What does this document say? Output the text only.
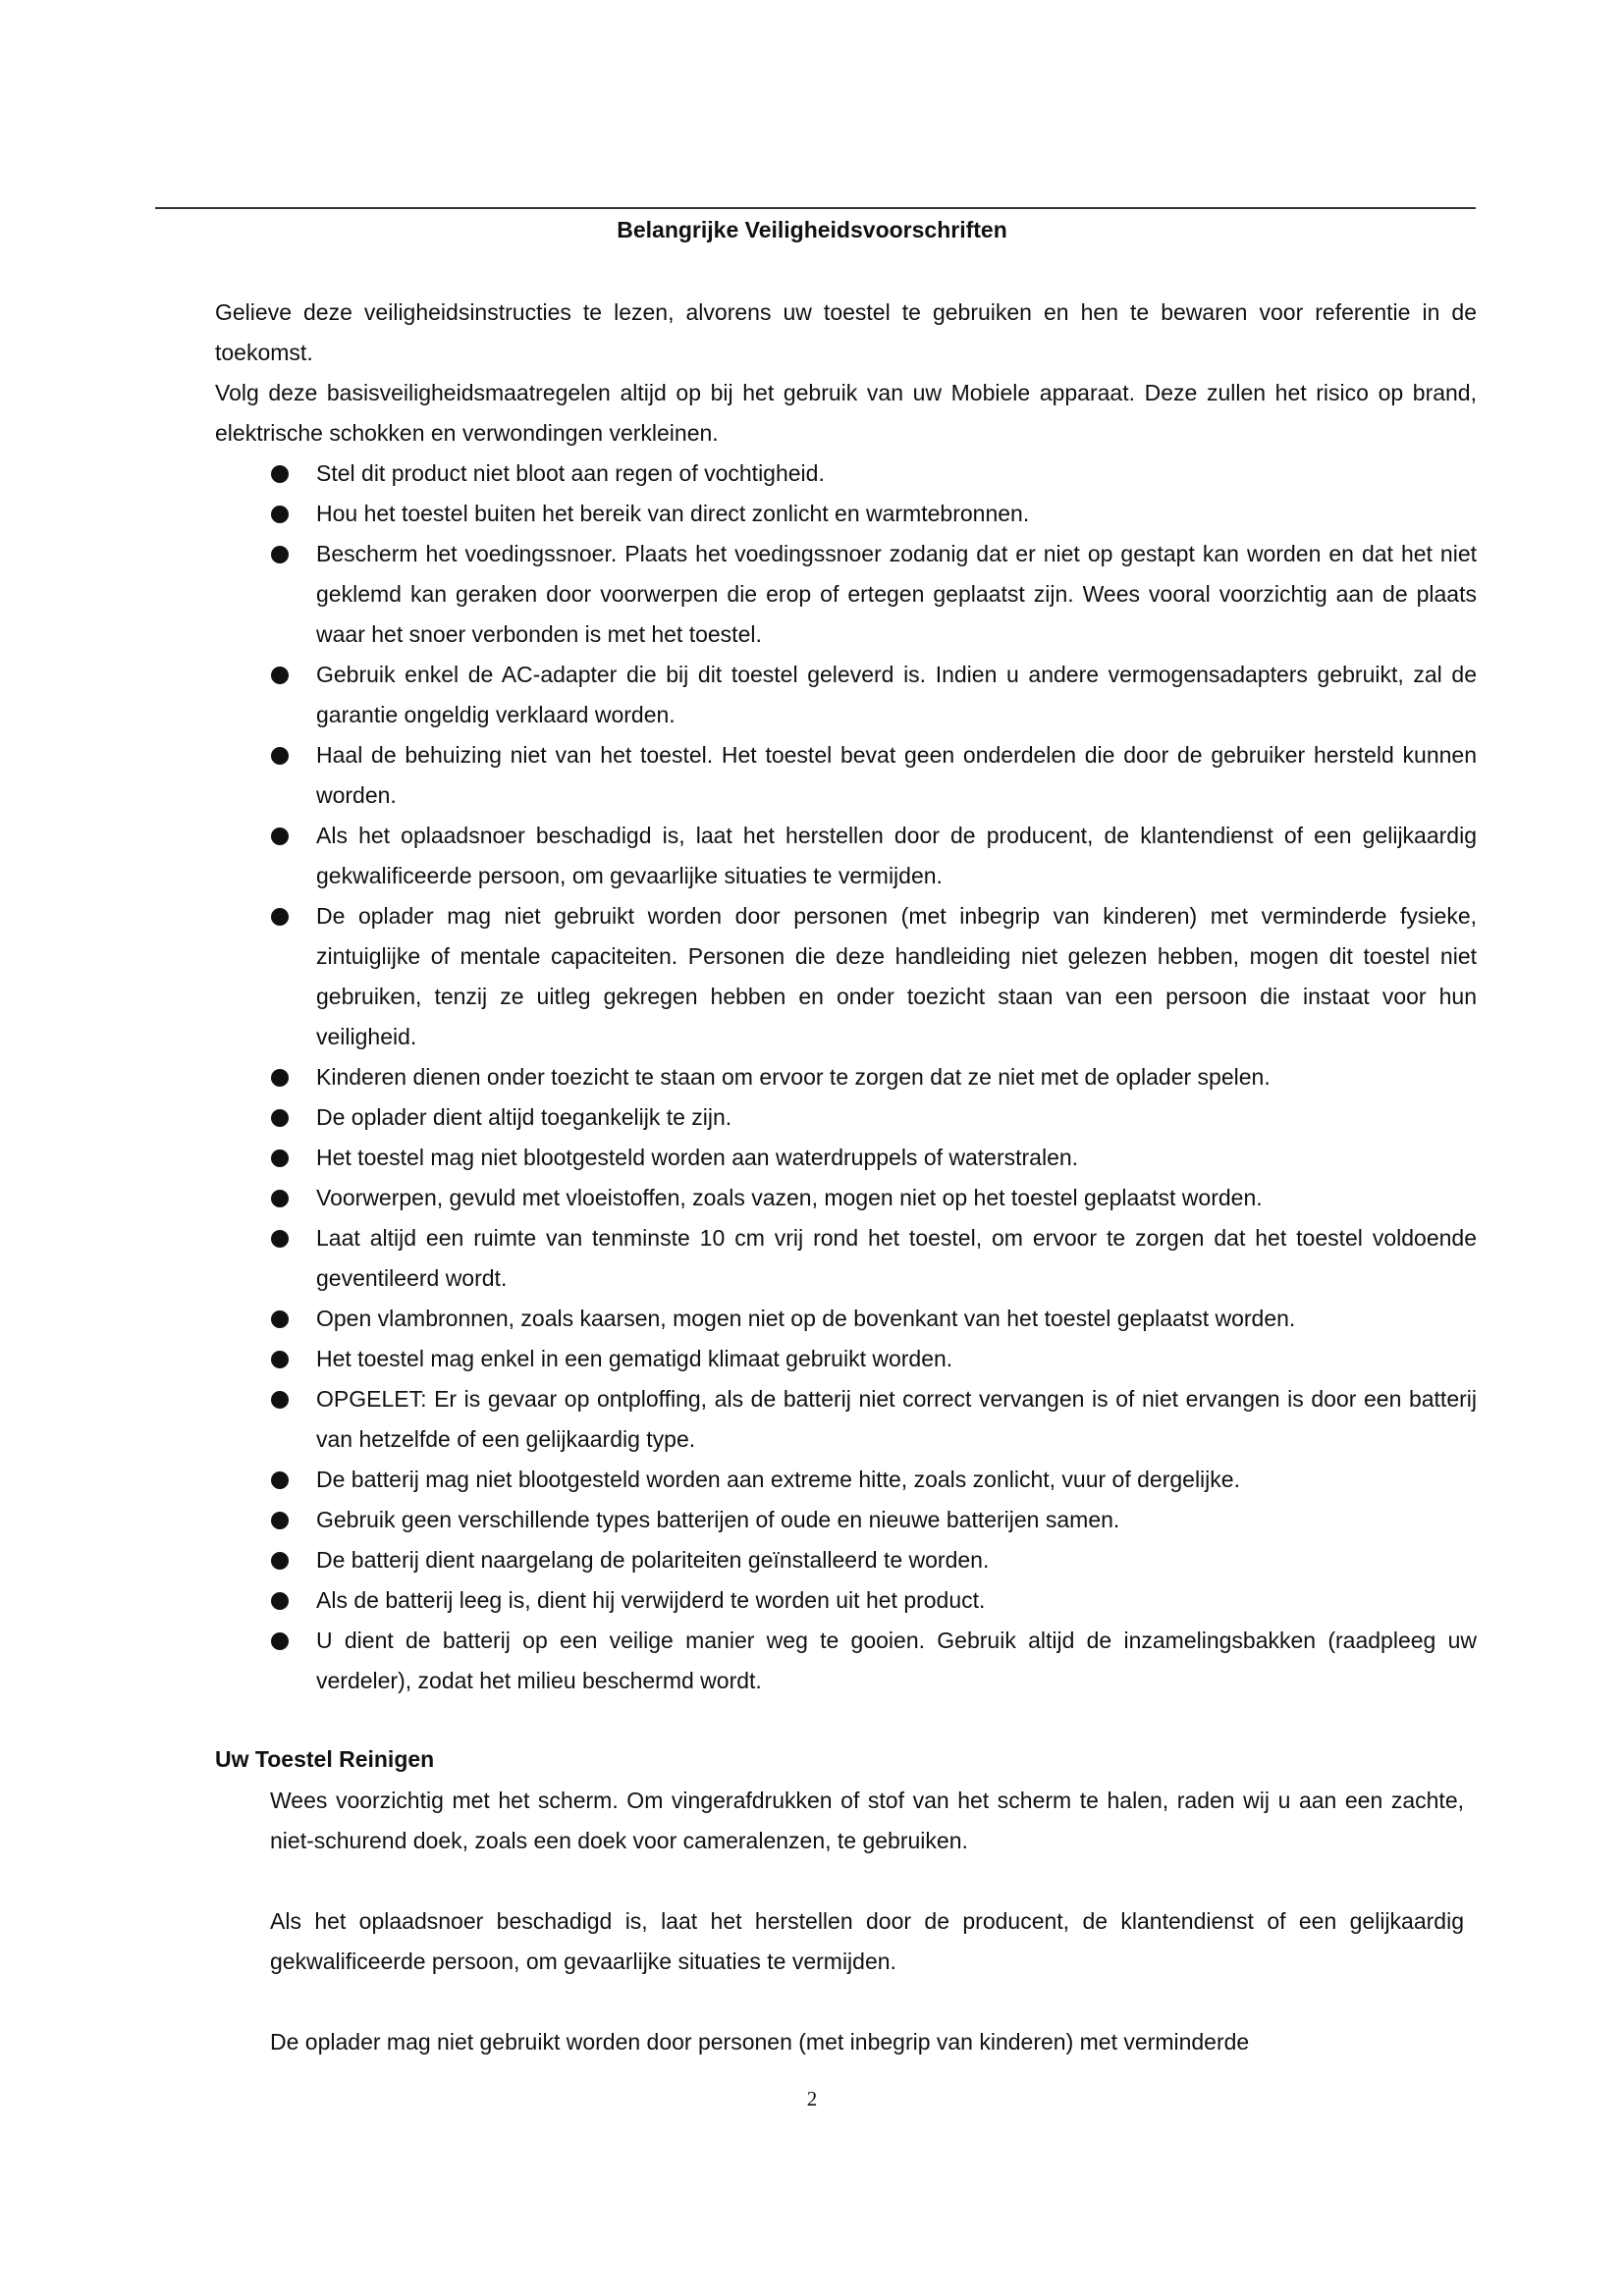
Belangrijke Veiligheidsvoorschriften

Gelieve deze veiligheidsinstructies te lezen, alvorens uw toestel te gebruiken en hen te bewaren voor referentie in de toekomst.

Volg deze basisveiligheidsmaatregelen altijd op bij het gebruik van uw Mobiele apparaat. Deze zullen het risico op brand, elektrische schokken en verwondingen verkleinen.

Stel dit product niet bloot aan regen of vochtigheid.
Hou het toestel buiten het bereik van direct zonlicht en warmtebronnen.
Bescherm het voedingssnoer. Plaats het voedingssnoer zodanig dat er niet op gestapt kan worden en dat het niet geklemd kan geraken door voorwerpen die erop of ertegen geplaatst zijn. Wees vooral voorzichtig aan de plaats waar het snoer verbonden is met het toestel.
Gebruik enkel de AC-adapter die bij dit toestel geleverd is. Indien u andere vermogensadapters gebruikt, zal de garantie ongeldig verklaard worden.
Haal de behuizing niet van het toestel. Het toestel bevat geen onderdelen die door de gebruiker hersteld kunnen worden.
Als het oplaadsnoer beschadigd is, laat het herstellen door de producent, de klantendienst of een gelijkaardig gekwalificeerde persoon, om gevaarlijke situaties te vermijden.
De oplader mag niet gebruikt worden door personen (met inbegrip van kinderen) met verminderde fysieke, zintuiglijke of mentale capaciteiten. Personen die deze handleiding niet gelezen hebben, mogen dit toestel niet gebruiken, tenzij ze uitleg gekregen hebben en onder toezicht staan van een persoon die instaat voor hun veiligheid.
Kinderen dienen onder toezicht te staan om ervoor te zorgen dat ze niet met de oplader spelen.
De oplader dient altijd toegankelijk te zijn.
Het toestel mag niet blootgesteld worden aan waterdruppels of waterstralen.
Voorwerpen, gevuld met vloeistoffen, zoals vazen, mogen niet op het toestel geplaatst worden.
Laat altijd een ruimte van tenminste 10 cm vrij rond het toestel, om ervoor te zorgen dat het toestel voldoende geventileerd wordt.
Open vlambronnen, zoals kaarsen, mogen niet op de bovenkant van het toestel geplaatst worden.
Het toestel mag enkel in een gematigd klimaat gebruikt worden.
OPGELET: Er is gevaar op ontploffing, als de batterij niet correct vervangen is of niet ervangen is door een batterij van hetzelfde of een gelijkaardig type.
De batterij mag niet blootgesteld worden aan extreme hitte, zoals zonlicht, vuur of dergelijke.
Gebruik geen verschillende types batterijen of oude en nieuwe batterijen samen.
De batterij dient naargelang de polariteiten geïnstalleerd te worden.
Als de batterij leeg is, dient hij verwijderd te worden uit het product.
U dient de batterij op een veilige manier weg te gooien. Gebruik altijd de inzamelingsbakken (raadpleeg uw verdeler), zodat het milieu beschermd wordt.
Uw Toestel Reinigen

Wees voorzichtig met het scherm. Om vingerafdrukken of stof van het scherm te halen, raden wij u aan een zachte, niet-schurend doek, zoals een doek voor cameralenzen, te gebruiken.

Als het oplaadsnoer beschadigd is, laat het herstellen door de producent, de klantendienst of een gelijkaardig gekwalificeerde persoon, om gevaarlijke situaties te vermijden.

De oplader mag niet gebruikt worden door personen (met inbegrip van kinderen) met verminderde

2
